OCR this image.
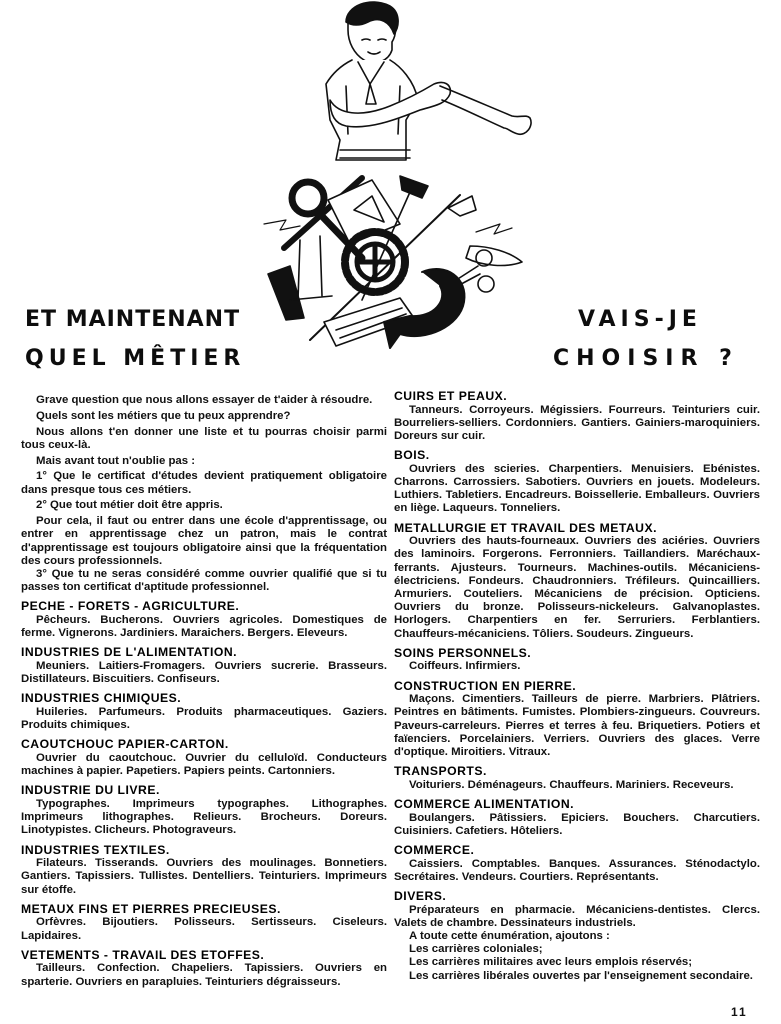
ET MAINTENANT
QUEL MÊTIER
VAIS-JE
CHOISIR ?

Grave question que nous allons essayer de t'aider à résoudre.

Quels sont les métiers que tu peux apprendre?

Nous allons t'en donner une liste et tu pourras choisir parmi tous ceux-là.

Mais avant tout n'oublie pas :

1° Que le certificat d'études devient pratiquement obligatoire dans presque tous ces métiers.

2° Que tout métier doit être appris.

Pour cela, il faut ou entrer dans une école d'apprentissage, ou entrer en apprentissage chez un patron, mais le contrat d'apprentissage est toujours obligatoire ainsi que la fréquentation des cours professionnels.

3° Que tu ne seras considéré comme ouvrier qualifié que si tu passes ton certificat d'aptitude professionnel.

PECHE - FORETS - AGRICULTURE.

Pêcheurs. Bucherons. Ouvriers agricoles. Domestiques de ferme. Vignerons. Jardiniers. Maraichers. Bergers. Eleveurs.

INDUSTRIES DE L'ALIMENTATION.

Meuniers. Laitiers-Fromagers. Ouvriers sucrerie. Brasseurs. Distillateurs. Biscuitiers. Confiseurs.

INDUSTRIES CHIMIQUES.

Huileries. Parfumeurs. Produits pharmaceutiques. Gaziers. Produits chimiques.

CAOUTCHOUC PAPIER-CARTON.

Ouvrier du caoutchouc. Ouvrier du celluloïd. Conducteurs machines à papier. Papetiers. Papiers peints. Cartonniers.

INDUSTRIE DU LIVRE.

Typographes. Imprimeurs typographes. Lithographes. Imprimeurs lithographes. Relieurs. Brocheurs. Doreurs. Linotypistes. Clicheurs. Photograveurs.

INDUSTRIES TEXTILES.

Filateurs. Tisserands. Ouvriers des moulinages. Bonnetiers. Gantiers. Tapissiers. Tullistes. Dentelliers. Teinturiers. Imprimeurs sur étoffe.

METAUX FINS ET PIERRES PRECIEUSES.

Orfèvres. Bijoutiers. Polisseurs. Sertisseurs. Ciseleurs. Lapidaires.

VETEMENTS - TRAVAIL DES ETOFFES.

Tailleurs. Confection. Chapeliers. Tapissiers. Ouvriers en sparterie. Ouvriers en parapluies. Teinturiers dégraisseurs.

CUIRS ET PEAUX.

Tanneurs. Corroyeurs. Mégissiers. Fourreurs. Teinturiers cuir. Bourreliers-selliers. Cordonniers. Gantiers. Gainiers-maroquiniers. Doreurs sur cuir.

BOIS.

Ouvriers des scieries. Charpentiers. Menuisiers. Ebénistes. Charrons. Carrossiers. Sabotiers. Ouvriers en jouets. Modeleurs. Luthiers. Tabletiers. Encadreurs. Boissellerie. Emballeurs. Ouvriers en liège. Laqueurs. Tonneliers.

METALLURGIE ET TRAVAIL DES METAUX.

Ouvriers des hauts-fourneaux. Ouvriers des aciéries. Ouvriers des laminoirs. Forgerons. Ferronniers. Taillandiers. Maréchaux-ferrants. Ajusteurs. Tourneurs. Machines-outils. Mécaniciens-électriciens. Fondeurs. Chaudronniers. Tréfileurs. Quincailliers. Armuriers. Couteliers. Mécaniciens de précision. Opticiens. Ouvriers du bronze. Polisseurs-nickeleurs. Galvanoplastes. Horlogers. Charpentiers en fer. Serruriers. Ferblantiers. Chauffeurs-mécaniciens. Tôliers. Soudeurs. Zingueurs.

SOINS PERSONNELS.

Coiffeurs. Infirmiers.

CONSTRUCTION EN PIERRE.

Maçons. Cimentiers. Tailleurs de pierre. Marbriers. Plâtriers. Peintres en bâtiments. Fumistes. Plombiers-zingueurs. Couvreurs. Paveurs-carreleurs. Pierres et terres à feu. Briquetiers. Potiers et faïenciers. Porcelainiers. Verriers. Ouvriers des glaces. Verre d'optique. Miroitiers. Vitraux.

TRANSPORTS.

Voituriers. Déménageurs. Chauffeurs. Mariniers. Receveurs.

COMMERCE ALIMENTATION.

Boulangers. Pâtissiers. Epiciers. Bouchers. Charcutiers. Cuisiniers. Cafetiers. Hôteliers.

COMMERCE.

Caissiers. Comptables. Banques. Assurances. Sténodactylo. Secrétaires. Vendeurs. Courtiers. Représentants.

DIVERS.

Préparateurs en pharmacie. Mécaniciens-dentistes. Clercs. Valets de chambre. Dessinateurs industriels.

A toute cette énumération, ajoutons :
Les carrières coloniales;
Les carrières militaires avec leurs emplois réservés;

Les carrières libérales ouvertes par l'enseignement secondaire.

11
